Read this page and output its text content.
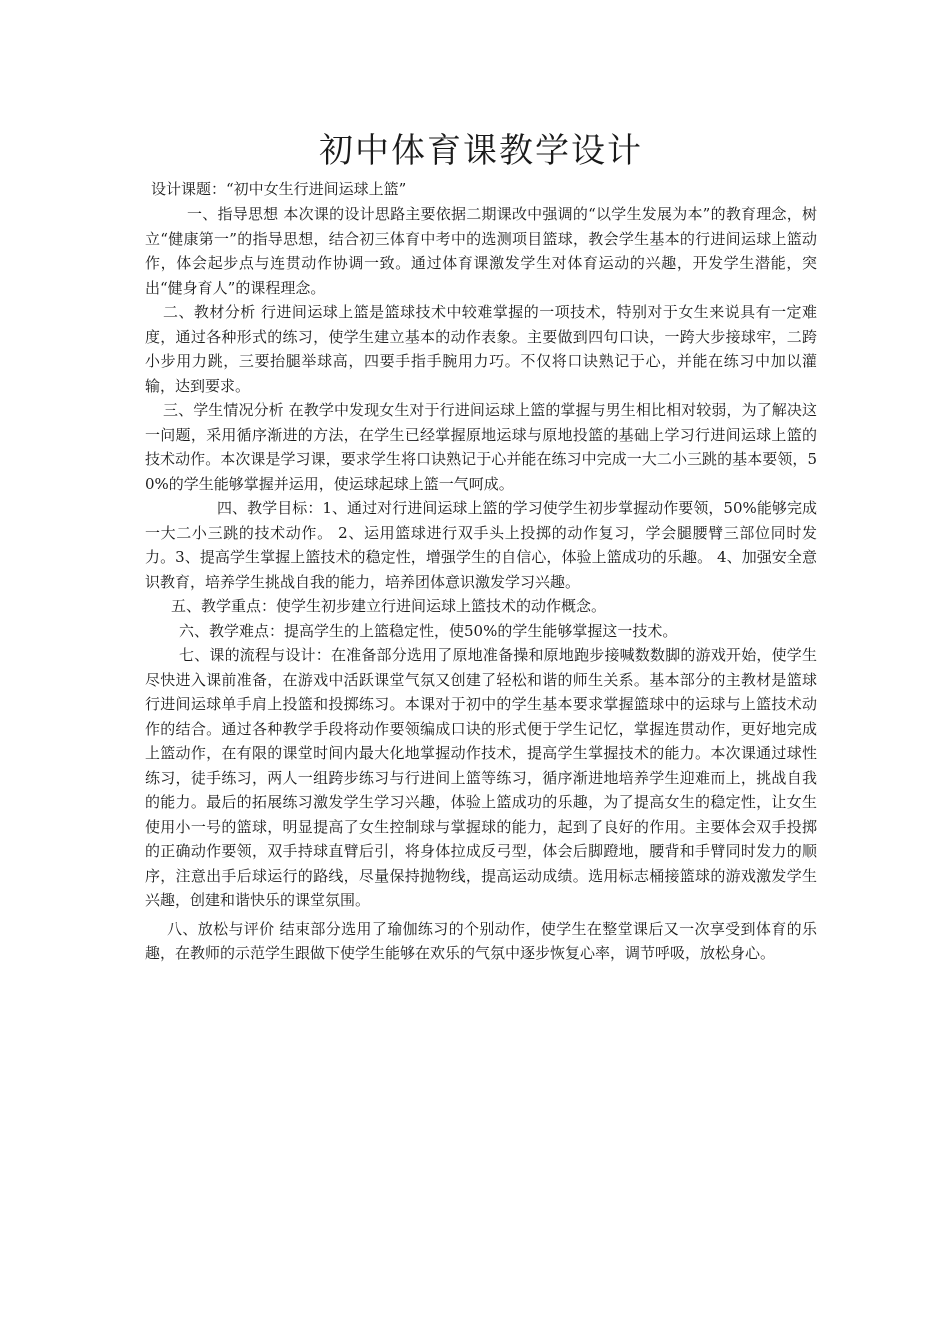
初中体育课教学设计
设计课题：“初中女生行进间运球上篮”

一、指导思想 本次课的设计思路主要依据二期课改中强调的“以学生发展为本”的教育理念，树立“健康第一”的指导思想，结合初三体育中考中的选测项目篮球，教会学生基本的行进间运球上篮动作，体会起步点与连贯动作协调一致。通过体育课激发学生对体育运动的兴趣，开发学生潜能，突出“健身育人”的课程理念。

二、教材分析 行进间运球上篮是篮球技术中较难掌握的一项技术，特别对于女生来说具有一定难度，通过各种形式的练习，使学生建立基本的动作表象。主要做到四句口诀，一跨大步接球牢，二跨小步用力跳，三要抬腿举球高，四要手指手腕用力巧。不仅将口诀熟记于心，并能在练习中加以灌输，达到要求。

三、学生情况分析 在教学中发现女生对于行进间运球上篮的掌握与男生相比相对较弱，为了解决这一问题，采用循序渐进的方法，在学生已经掌握原地运球与原地投篮的基础上学习行进间运球上篮的技术动作。本次课是学习课，要求学生将口诀熟记于心并能在练习中完成一大二小三跳的基本要领，50%的学生能够掌握并运用，使运球起球上篮一气呵成。

四、教学目标：1、通过对行进间运球上篮的学习使学生初步掌握动作要领，50%能够完成一大二小三跳的技术动作。 2、运用篮球进行双手头上投掷的动作复习，学会腿腰臂三部位同时发力。3、提高学生掌握上篮技术的稳定性，增强学生的自信心，体验上篮成功的乐趣。 4、加强安全意识教育，培养学生挑战自我的能力，培养团体意识激发学习兴趣。

五、教学重点：使学生初步建立行进间运球上篮技术的动作概念。

六、教学难点：提高学生的上篮稳定性，使50%的学生能够掌握这一技术。

七、课的流程与设计：在准备部分选用了原地准备操和原地跑步接喊数数脚的游戏开始，使学生尽快进入课前准备，在游戏中活跃课堂气氛又创建了轻松和谐的师生关系。基本部分的主教材是篮球行进间运球单手肩上投篮和投掷练习。本课对于初中的学生基本要求掌握篮球中的运球与上篮技术动作的结合。通过各种教学手段将动作要领编成口诀的形式便于学生记忆，掌握连贯动作，更好地完成上篮动作，在有限的课堂时间内最大化地掌握动作技术，提高学生掌握技术的能力。本次课通过球性练习，徒手练习，两人一组跨步练习与行进间上篮等练习，循序渐进地培养学生迎难而上，挑战自我的能力。最后的拓展练习激发学生学习兴趣，体验上篮成功的乐趣，为了提高女生的稳定性，让女生使用小一号的篮球，明显提高了女生控制球与掌握球的能力，起到了良好的作用。主要体会双手投掷的正确动作要领，双手持球直臂后引，将身体拉成反弓型，体会后脚蹬地，腰背和手臂同时发力的顺序，注意出手后球运行的路线，尽量保持抛物线，提高运动成绩。选用标志桶接篮球的游戏激发学生兴趣，创建和谐快乐的课堂氛围。

八、放松与评价 结束部分选用了瑜伽练习的个别动作，使学生在整堂课后又一次享受到体育的乐趣，在教师的示范学生跟做下使学生能够在欢乐的气氛中逐步恢复心率，调节呼吸，放松身心。
